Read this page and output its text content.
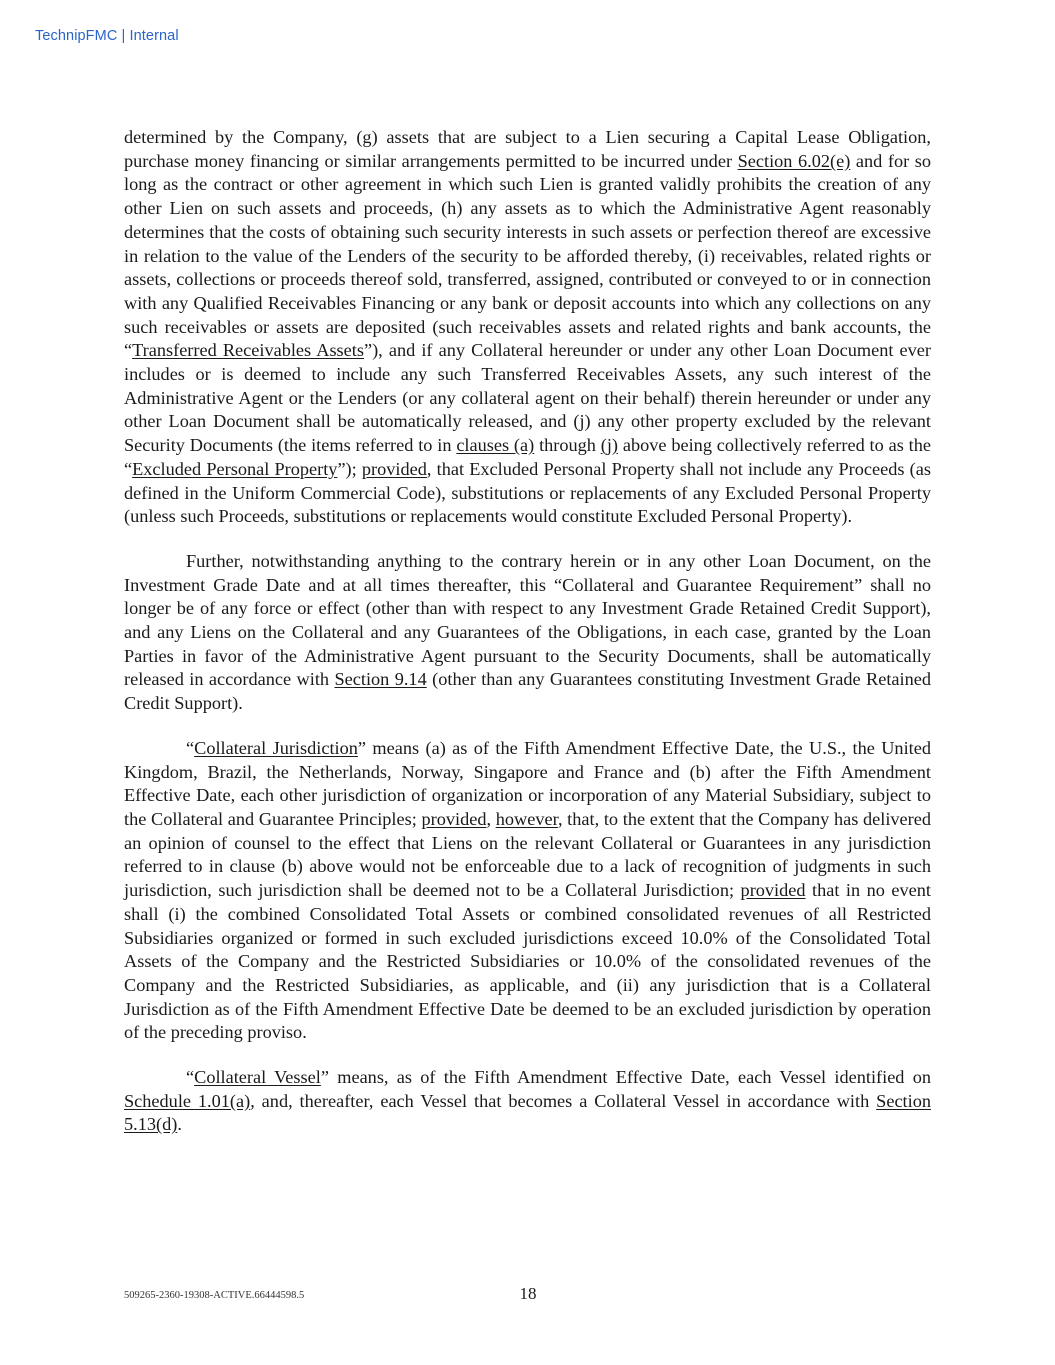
TechnipFMC | Internal

determined by the Company, (g) assets that are subject to a Lien securing a Capital Lease Obligation, purchase money financing or similar arrangements permitted to be incurred under Section 6.02(e) and for so long as the contract or other agreement in which such Lien is granted validly prohibits the creation of any other Lien on such assets and proceeds, (h) any assets as to which the Administrative Agent reasonably determines that the costs of obtaining such security interests in such assets or perfection thereof are excessive in relation to the value of the Lenders of the security to be afforded thereby, (i) receivables, related rights or assets, collections or proceeds thereof sold, transferred, assigned, contributed or conveyed to or in connection with any Qualified Receivables Financing or any bank or deposit accounts into which any collections on any such receivables or assets are deposited (such receivables assets and related rights and bank accounts, the “Transferred Receivables Assets”), and if any Collateral hereunder or under any other Loan Document ever includes or is deemed to include any such Transferred Receivables Assets, any such interest of the Administrative Agent or the Lenders (or any collateral agent on their behalf) therein hereunder or under any other Loan Document shall be automatically released, and (j) any other property excluded by the relevant Security Documents (the items referred to in clauses (a) through (j) above being collectively referred to as the “Excluded Personal Property”); provided, that Excluded Personal Property shall not include any Proceeds (as defined in the Uniform Commercial Code), substitutions or replacements of any Excluded Personal Property (unless such Proceeds, substitutions or replacements would constitute Excluded Personal Property).

Further, notwithstanding anything to the contrary herein or in any other Loan Document, on the Investment Grade Date and at all times thereafter, this “Collateral and Guarantee Requirement” shall no longer be of any force or effect (other than with respect to any Investment Grade Retained Credit Support), and any Liens on the Collateral and any Guarantees of the Obligations, in each case, granted by the Loan Parties in favor of the Administrative Agent pursuant to the Security Documents, shall be automatically released in accordance with Section 9.14 (other than any Guarantees constituting Investment Grade Retained Credit Support).

“Collateral Jurisdiction” means (a) as of the Fifth Amendment Effective Date, the U.S., the United Kingdom, Brazil, the Netherlands, Norway, Singapore and France and (b) after the Fifth Amendment Effective Date, each other jurisdiction of organization or incorporation of any Material Subsidiary, subject to the Collateral and Guarantee Principles; provided, however, that, to the extent that the Company has delivered an opinion of counsel to the effect that Liens on the relevant Collateral or Guarantees in any jurisdiction referred to in clause (b) above would not be enforceable due to a lack of recognition of judgments in such jurisdiction, such jurisdiction shall be deemed not to be a Collateral Jurisdiction; provided that in no event shall (i) the combined Consolidated Total Assets or combined consolidated revenues of all Restricted Subsidiaries organized or formed in such excluded jurisdictions exceed 10.0% of the Consolidated Total Assets of the Company and the Restricted Subsidiaries or 10.0% of the consolidated revenues of the Company and the Restricted Subsidiaries, as applicable, and (ii) any jurisdiction that is a Collateral Jurisdiction as of the Fifth Amendment Effective Date be deemed to be an excluded jurisdiction by operation of the preceding proviso.

“Collateral Vessel” means, as of the Fifth Amendment Effective Date, each Vessel identified on Schedule 1.01(a), and, thereafter, each Vessel that becomes a Collateral Vessel in accordance with Section 5.13(d).

509265-2360-19308-ACTIVE.66444598.5	18
